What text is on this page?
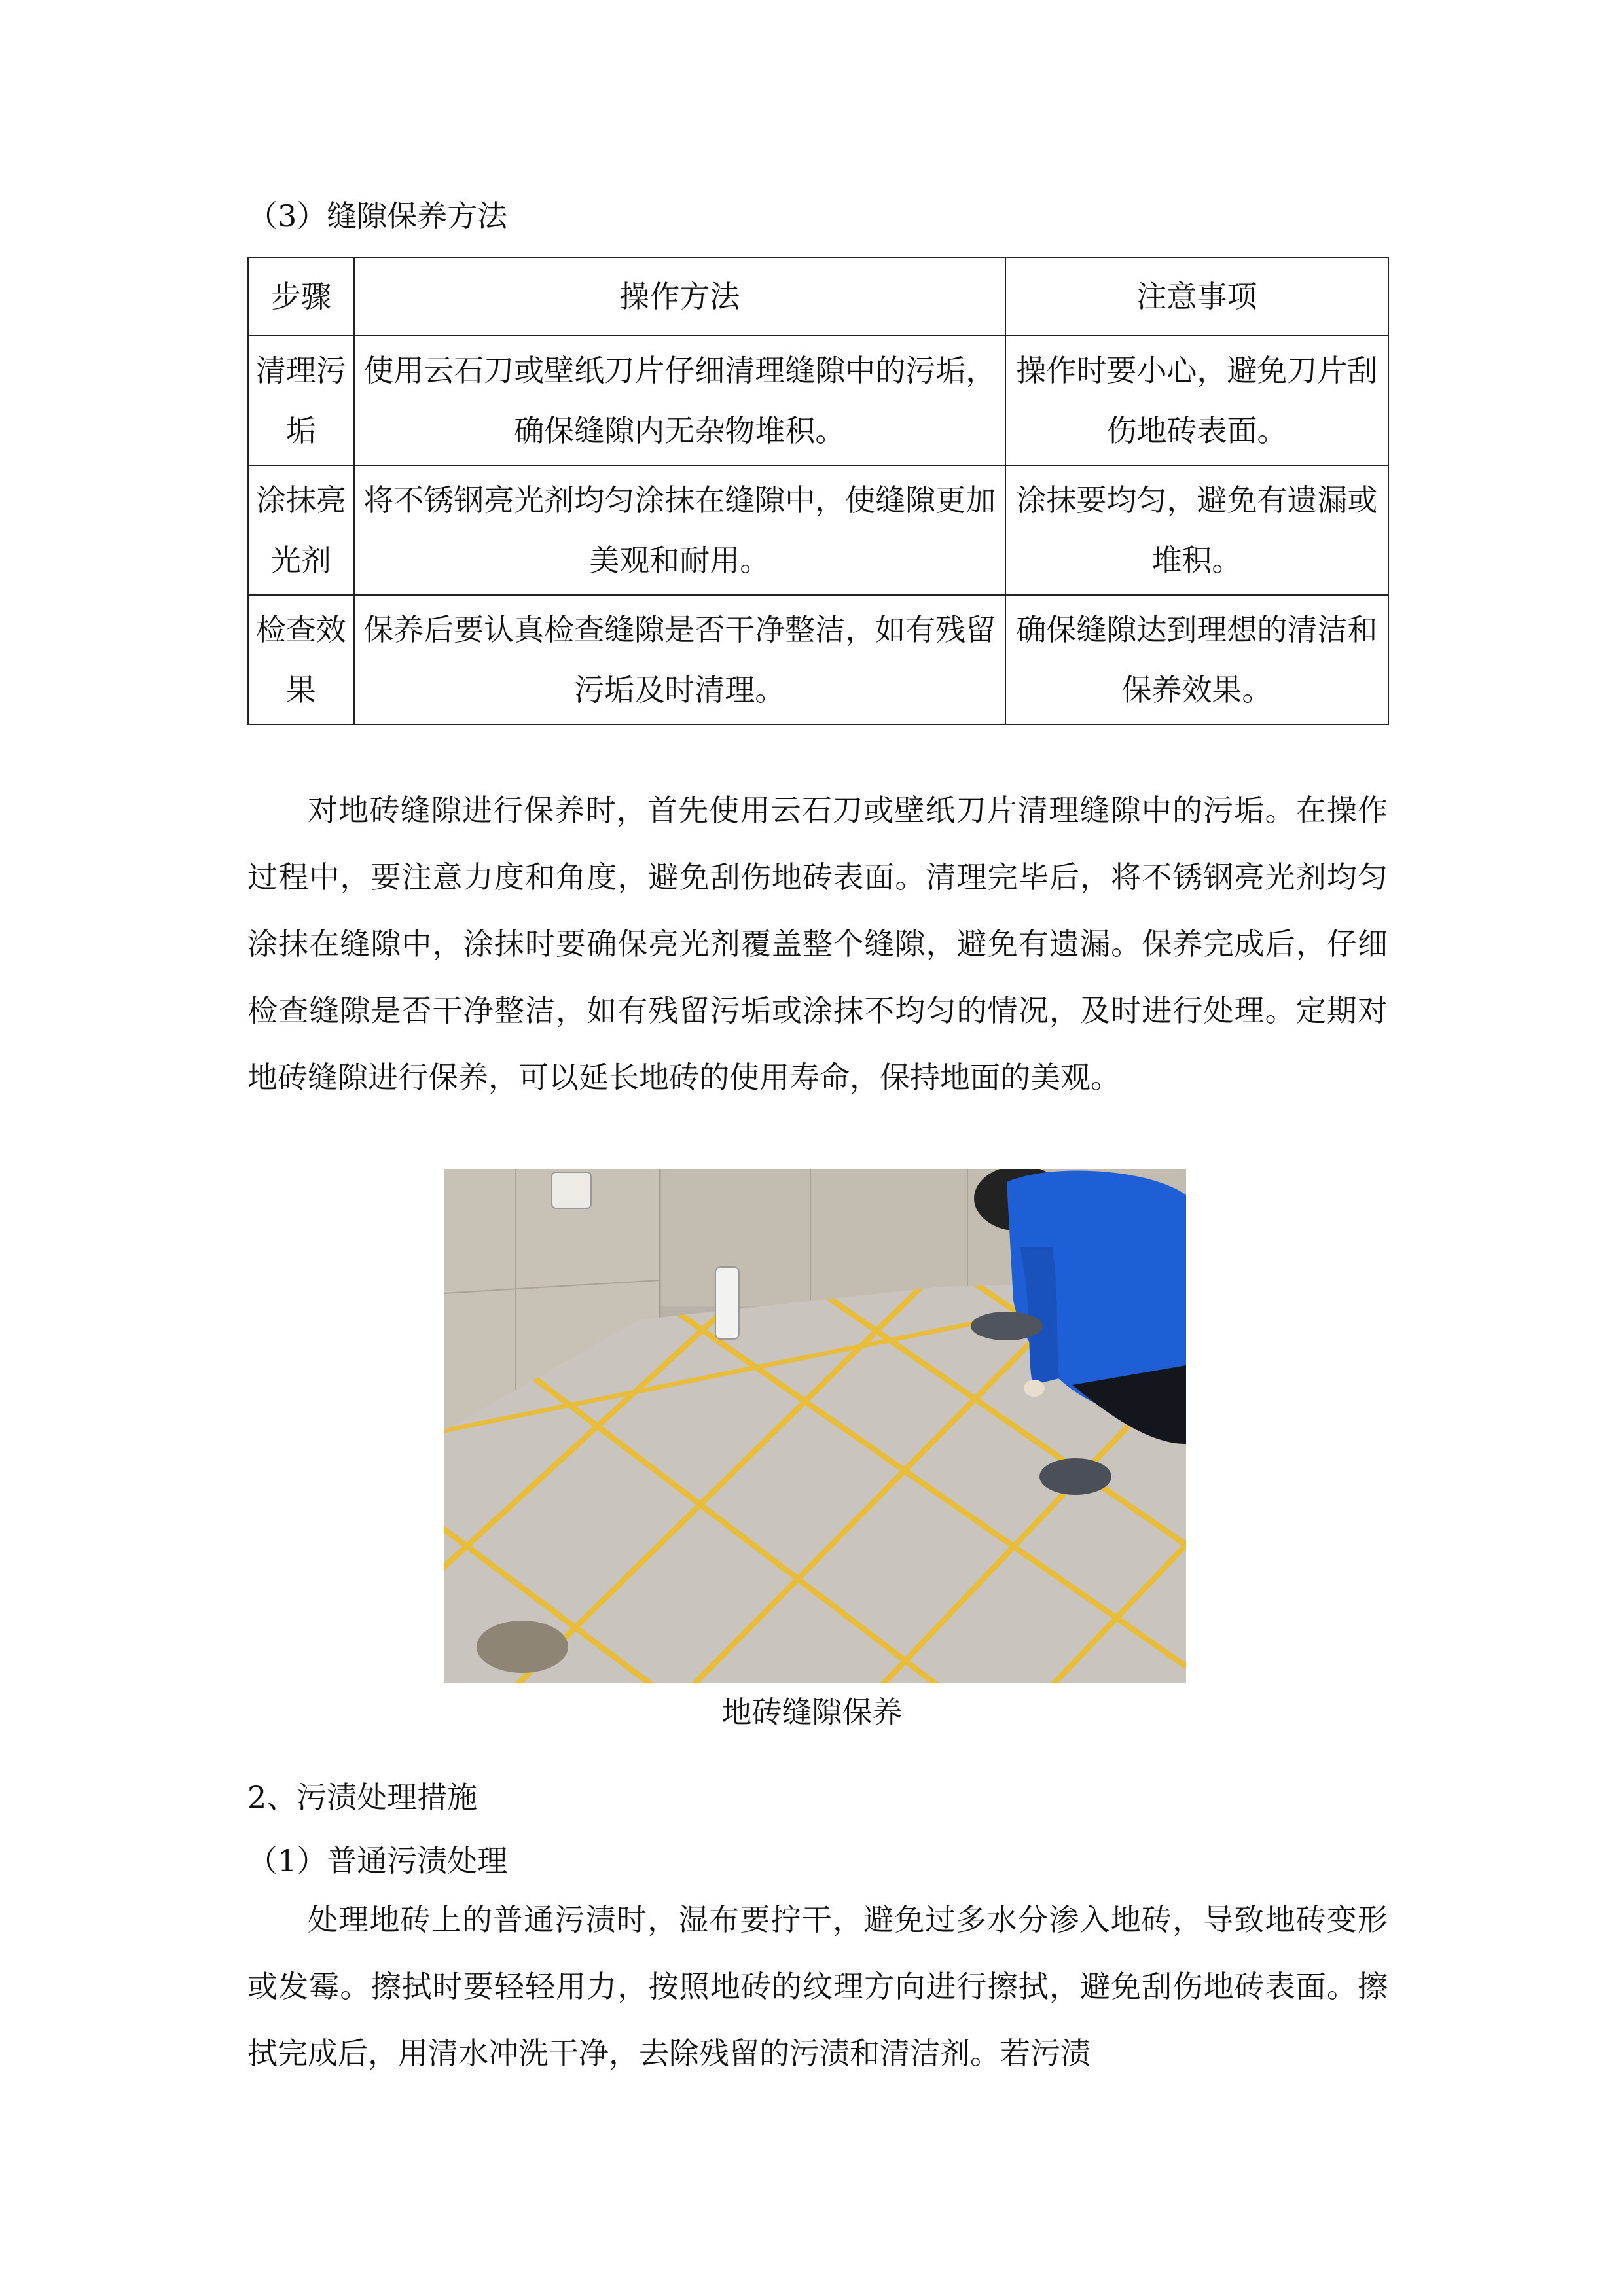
（3）缝隙保养方法
步骤	操作方法	注意事项
清理污垢	使用云石刀或壁纸刀片仔细清理缝隙中的污垢，确保缝隙内无杂物堆积。	操作时要小心，避免刀片刮伤地砖表面。
涂抹亮光剂	将不锈钢亮光剂均匀涂抹在缝隙中，使缝隙更加美观和耐用。	涂抹要均匀，避免有遗漏或堆积。
检查效果	保养后要认真检查缝隙是否干净整洁，如有残留污垢及时清理。	确保缝隙达到理想的清洁和保养效果。

对地砖缝隙进行保养时，首先使用云石刀或壁纸刀片清理缝隙中的污垢。在操作过程中，要注意力度和角度，避免刮伤地砖表面。清理完毕后，将不锈钢亮光剂均匀涂抹在缝隙中，涂抹时要确保亮光剂覆盖整个缝隙，避免有遗漏。保养完成后，仔细检查缝隙是否干净整洁，如有残留污垢或涂抹不均匀的情况，及时进行处理。定期对地砖缝隙进行保养，可以延长地砖的使用寿命，保持地面的美观。

地砖缝隙保养
2、污渍处理措施
（1）普通污渍处理

处理地砖上的普通污渍时，湿布要拧干，避免过多水分渗入地砖，导致地砖变形或发霉。擦拭时要轻轻用力，按照地砖的纹理方向进行擦拭，避免刮伤地砖表面。擦拭完成后，用清水冲洗干净，去除残留的污渍和清洁剂。若污渍
